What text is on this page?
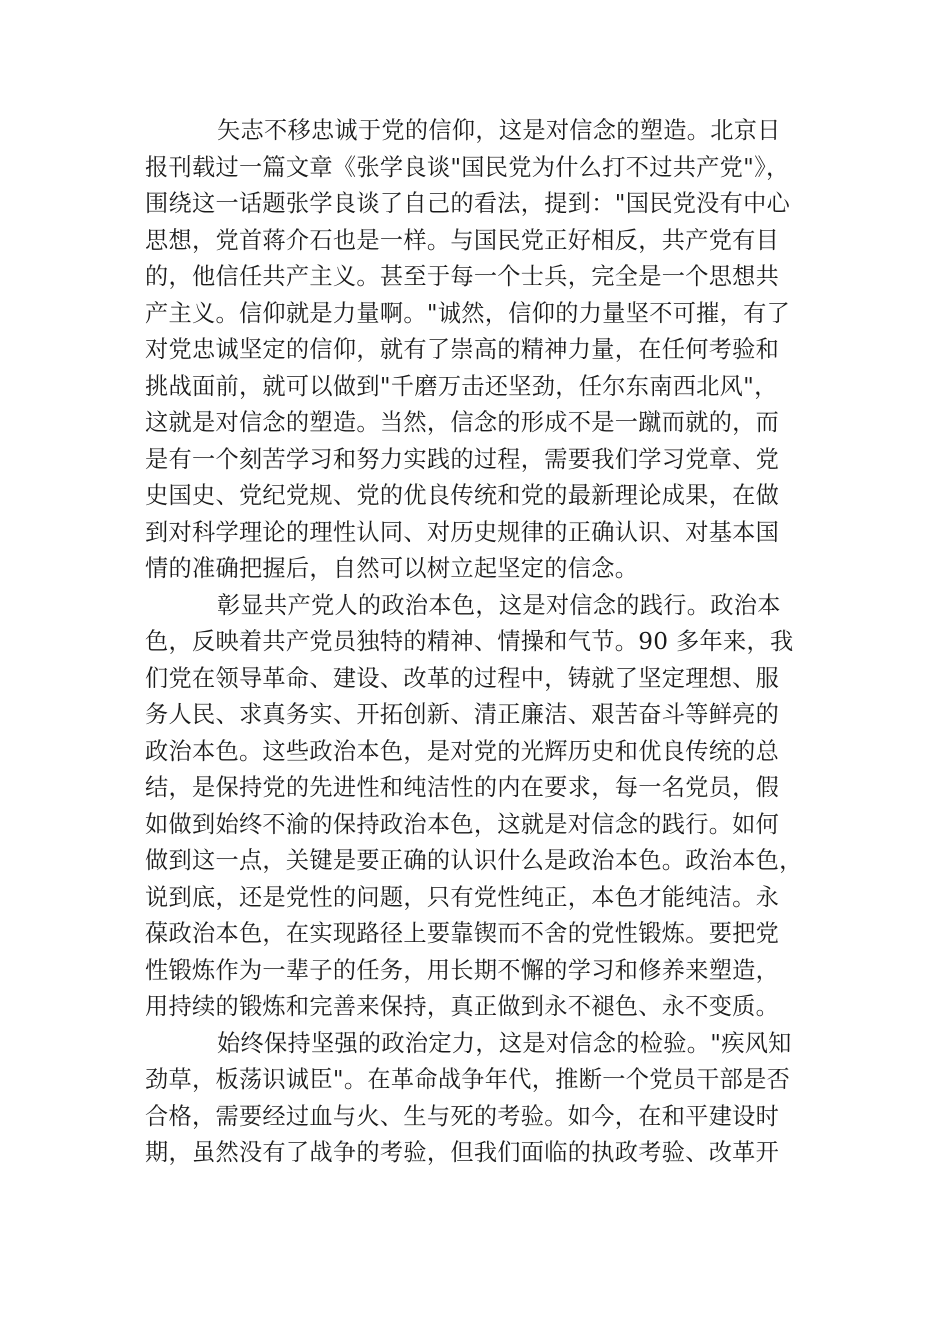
矢志不移忠诚于党的信仰，这是对信念的塑造。北京日
报刊载过一篇文章《张学良谈"国民党为什么打不过共产党"》，
围绕这一话题张学良谈了自己的看法，提到："国民党没有中心
思想，党首蒋介石也是一样。与国民党正好相反，共产党有目
的，他信任共产主义。甚至于每一个士兵，完全是一个思想共
产主义。信仰就是力量啊。"诚然，信仰的力量坚不可摧，有了
对党忠诚坚定的信仰，就有了崇高的精神力量，在任何考验和
挑战面前，就可以做到"千磨万击还坚劲，任尔东南西北风"，
这就是对信念的塑造。当然，信念的形成不是一蹴而就的，而
是有一个刻苦学习和努力实践的过程，需要我们学习党章、党
史国史、党纪党规、党的优良传统和党的最新理论成果，在做
到对科学理论的理性认同、对历史规律的正确认识、对基本国
情的准确把握后，自然可以树立起坚定的信念。
彰显共产党人的政治本色，这是对信念的践行。政治本
色，反映着共产党员独特的精神、情操和气节。90 多年来，我
们党在领导革命、建设、改革的过程中，铸就了坚定理想、服
务人民、求真务实、开拓创新、清正廉洁、艰苦奋斗等鲜亮的
政治本色。这些政治本色，是对党的光辉历史和优良传统的总
结，是保持党的先进性和纯洁性的内在要求，每一名党员，假
如做到始终不渝的保持政治本色，这就是对信念的践行。如何
做到这一点，关键是要正确的认识什么是政治本色。政治本色，
说到底，还是党性的问题，只有党性纯正，本色才能纯洁。永
葆政治本色，在实现路径上要靠锲而不舍的党性锻炼。要把党
性锻炼作为一辈子的任务，用长期不懈的学习和修养来塑造，
用持续的锻炼和完善来保持，真正做到永不褪色、永不变质。
始终保持坚强的政治定力，这是对信念的检验。"疾风知
劲草，板荡识诚臣"。在革命战争年代，推断一个党员干部是否
合格，需要经过血与火、生与死的考验。如今，在和平建设时
期，虽然没有了战争的考验，但我们面临的执政考验、改革开
